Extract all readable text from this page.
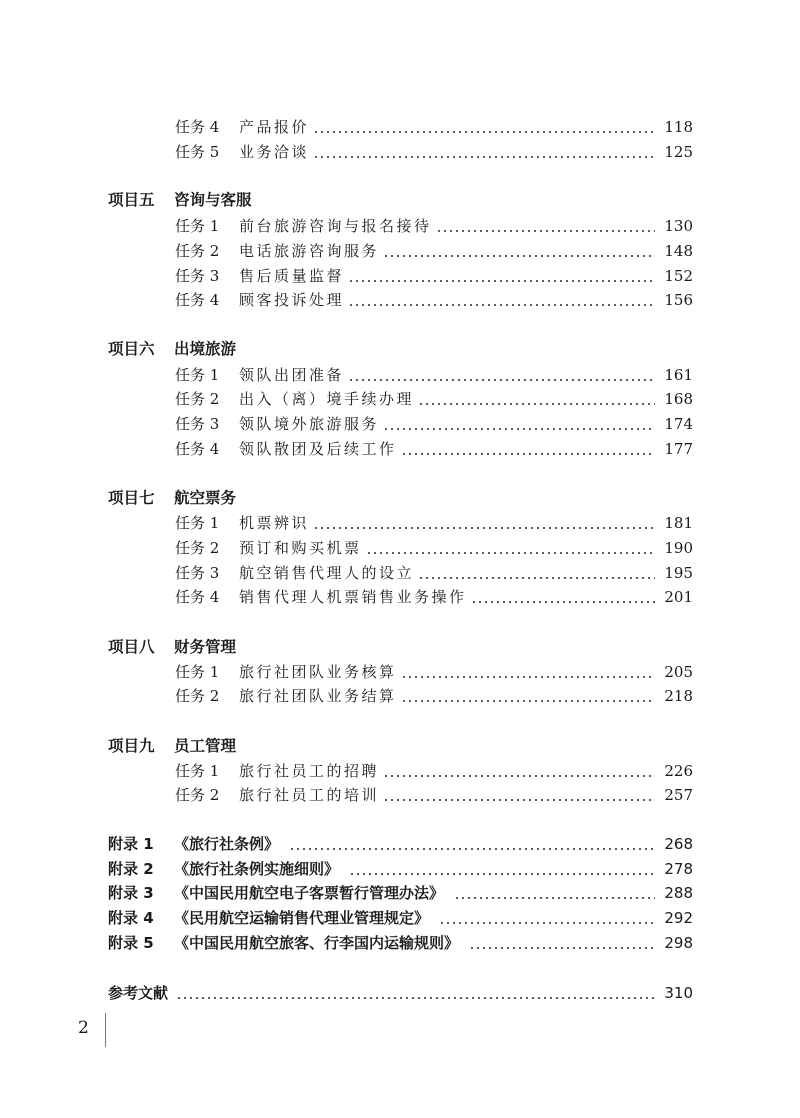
任务 4	产品报价	118
任务 5	业务洽谈	125
项目五 咨询与客服
任务 1	前台旅游咨询与报名接待	130
任务 2	电话旅游咨询服务	148
任务 3	售后质量监督	152
任务 4	顾客投诉处理	156
项目六 出境旅游
任务 1	领队出团准备	161
任务 2	出入（离）境手续办理	168
任务 3	领队境外旅游服务	174
任务 4	领队散团及后续工作	177
项目七 航空票务
任务 1	机票辨识	181
任务 2	预订和购买机票	190
任务 3	航空销售代理人的设立	195
任务 4	销售代理人机票销售业务操作	201
项目八 财务管理
任务 1	旅行社团队业务核算	205
任务 2	旅行社团队业务结算	218
项目九 员工管理
任务 1	旅行社员工的招聘	226
任务 2	旅行社员工的培训	257
附录 1	《旅行社条例》	268
附录 2	《旅行社条例实施细则》	278
附录 3	《中国民用航空电子客票暂行管理办法》	288
附录 4	《民用航空运输销售代理业管理规定》	292
附录 5	《中国民用航空旅客、行李国内运输规则》	298
参考文献	310
2
